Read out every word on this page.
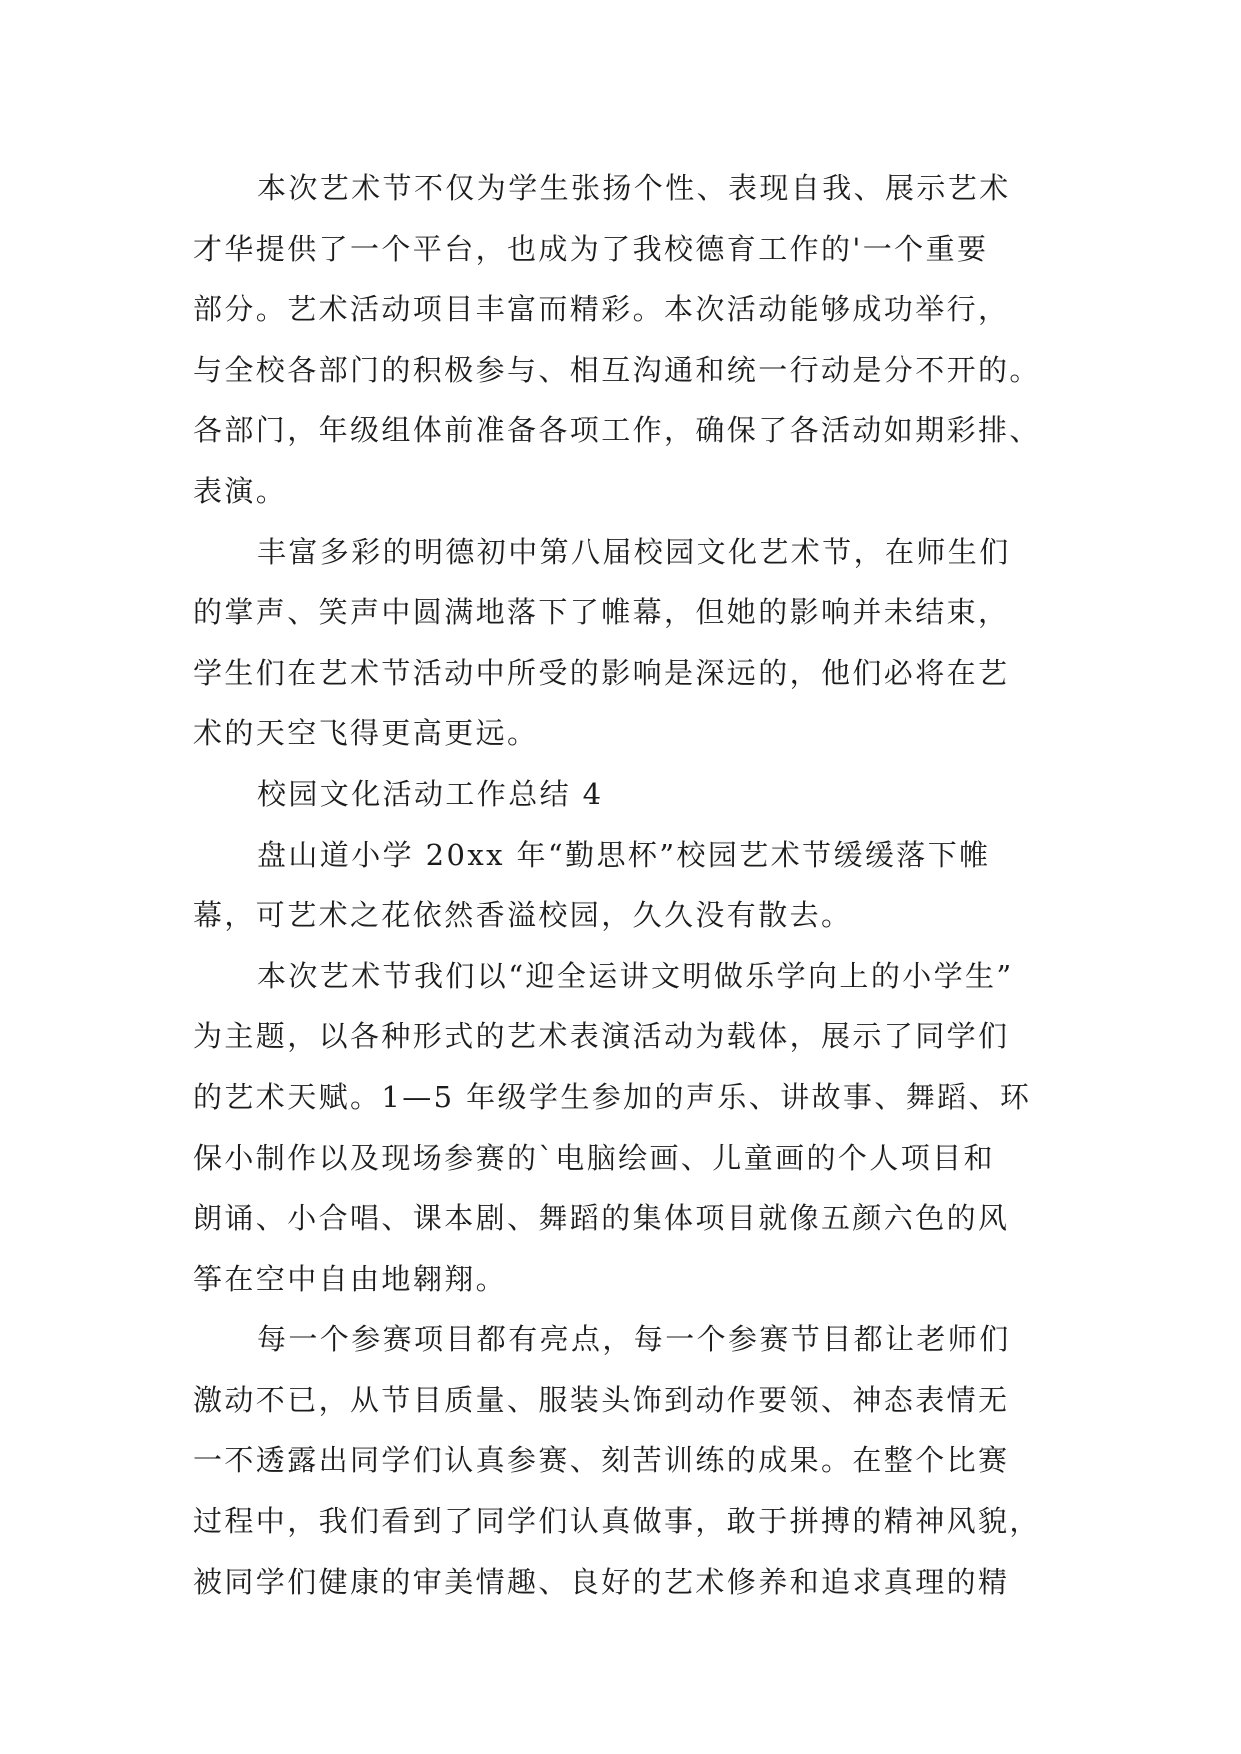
本次艺术节不仅为学生张扬个性、表现自我、展示艺术
才华提供了一个平台，也成为了我校德育工作的'一个重要
部分。艺术活动项目丰富而精彩。本次活动能够成功举行，
与全校各部门的积极参与、相互沟通和统一行动是分不开的。
各部门，年级组体前准备各项工作，确保了各活动如期彩排、
表演。
丰富多彩的明德初中第八届校园文化艺术节，在师生们
的掌声、笑声中圆满地落下了帷幕，但她的影响并未结束，
学生们在艺术节活动中所受的影响是深远的，他们必将在艺
术的天空飞得更高更远。
校园文化活动工作总结 4
盘山道小学 20xx 年“勤思杯”校园艺术节缓缓落下帷
幕，可艺术之花依然香溢校园，久久没有散去。
本次艺术节我们以“迎全运讲文明做乐学向上的小学生”
为主题，以各种形式的艺术表演活动为载体，展示了同学们
的艺术天赋。1—5 年级学生参加的声乐、讲故事、舞蹈、环
保小制作以及现场参赛的`电脑绘画、儿童画的个人项目和
朗诵、小合唱、课本剧、舞蹈的集体项目就像五颜六色的风
筝在空中自由地翱翔。
每一个参赛项目都有亮点，每一个参赛节目都让老师们
激动不已，从节目质量、服装头饰到动作要领、神态表情无
一不透露出同学们认真参赛、刻苦训练的成果。在整个比赛
过程中，我们看到了同学们认真做事，敢于拼搏的精神风貌，
被同学们健康的审美情趣、良好的艺术修养和追求真理的精
